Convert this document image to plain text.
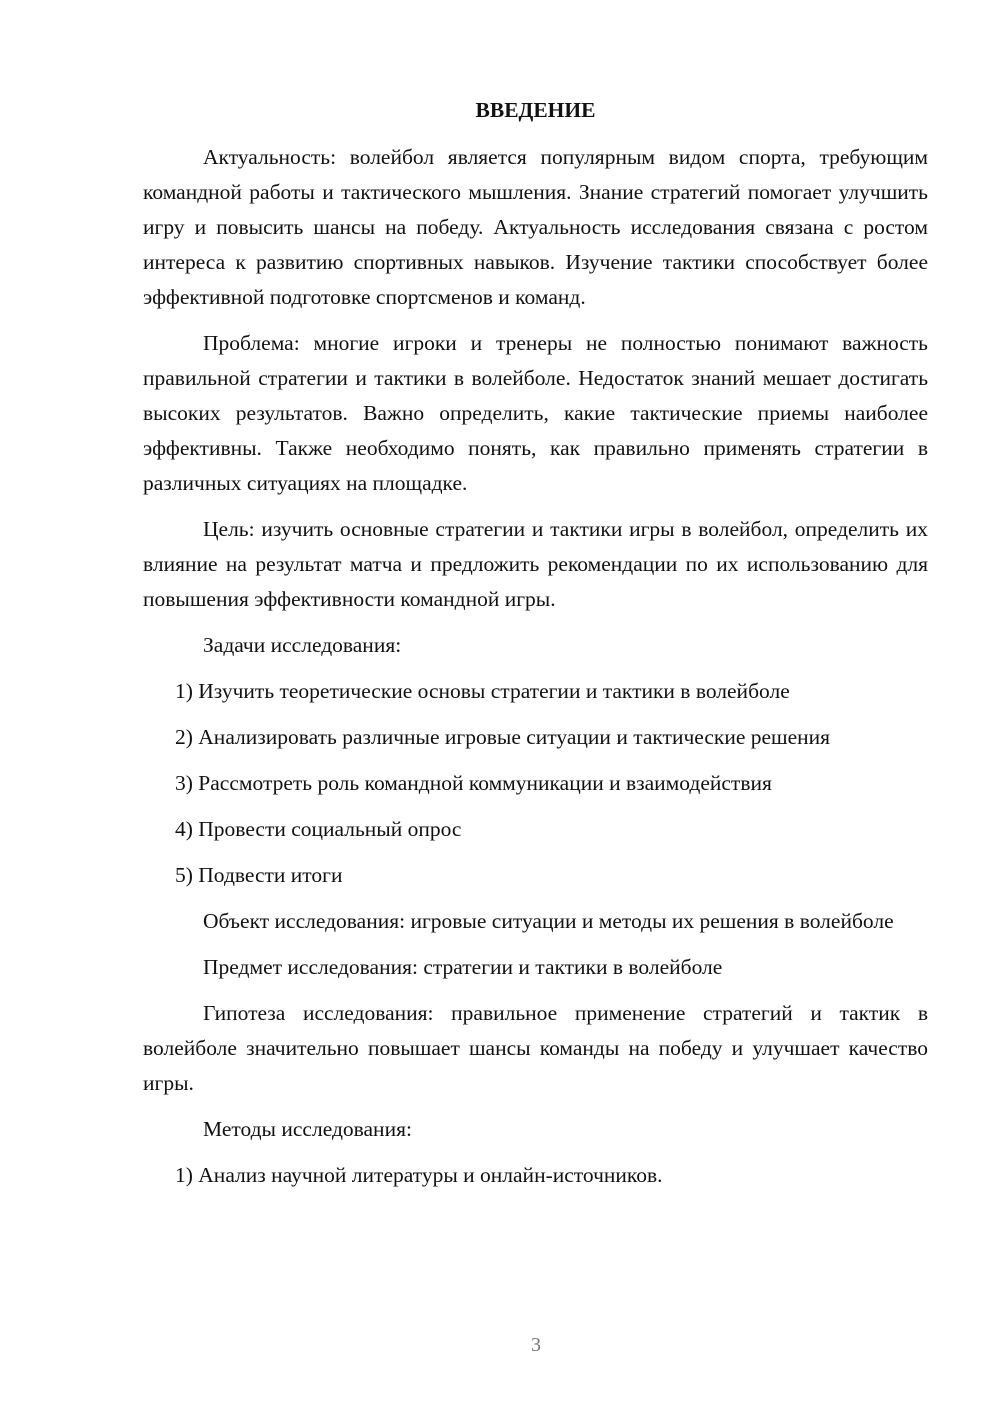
ВВЕДЕНИЕ

Актуальность: волейбол является популярным видом спорта, требующим командной работы и тактического мышления. Знание стратегий помогает улучшить игру и повысить шансы на победу. Актуальность исследования связана с ростом интереса к развитию спортивных навыков. Изучение тактики способствует более эффективной подготовке спортсменов и команд.

Проблема: многие игроки и тренеры не полностью понимают важность правильной стратегии и тактики в волейболе. Недостаток знаний мешает достигать высоких результатов. Важно определить, какие тактические приемы наиболее эффективны. Также необходимо понять, как правильно применять стратегии в различных ситуациях на площадке.

Цель: изучить основные стратегии и тактики игры в волейбол, определить их влияние на результат матча и предложить рекомендации по их использованию для повышения эффективности командной игры.

Задачи исследования:

1) Изучить теоретические основы стратегии и тактики в волейболе

2) Анализировать различные игровые ситуации и тактические решения

3) Рассмотреть роль командной коммуникации и взаимодействия

4) Провести социальный опрос

5) Подвести итоги

Объект исследования: игровые ситуации и методы их решения в волейболе

Предмет исследования: стратегии и тактики в волейболе

Гипотеза исследования: правильное применение стратегий и тактик в волейболе значительно повышает шансы команды на победу и улучшает качество игры.

Методы исследования:

1) Анализ научной литературы и онлайн-источников.

3
